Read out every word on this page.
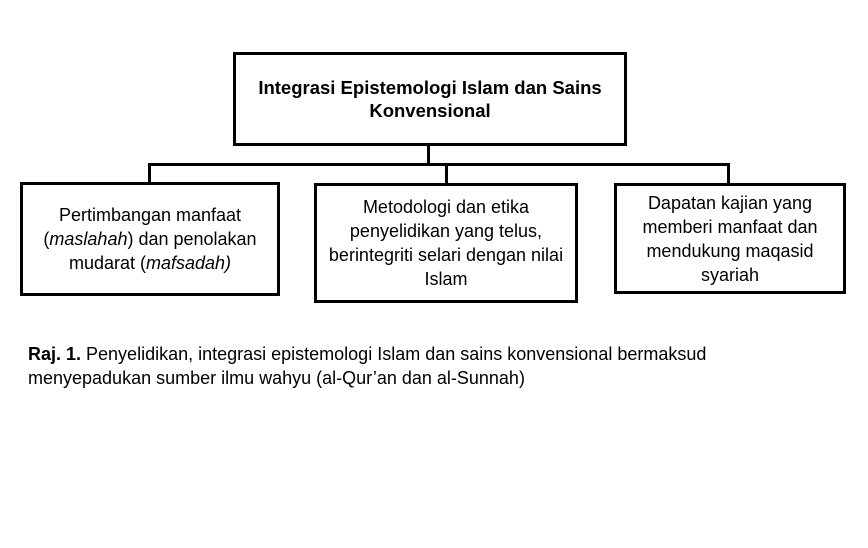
Integrasi Epistemologi Islam dan Sains
Konvensional
Pertimbangan manfaat (maslahah) dan penolakan mudarat (mafsadah)
Metodologi dan etika penyelidikan yang telus, berintegriti selari dengan nilai Islam
Dapatan kajian yang memberi manfaat dan mendukung maqasid syariah
Raj. 1. Penyelidikan, integrasi epistemologi Islam dan sains konvensional bermaksud menyepadukan sumber ilmu wahyu (al-Qur’an dan al-Sunnah)
